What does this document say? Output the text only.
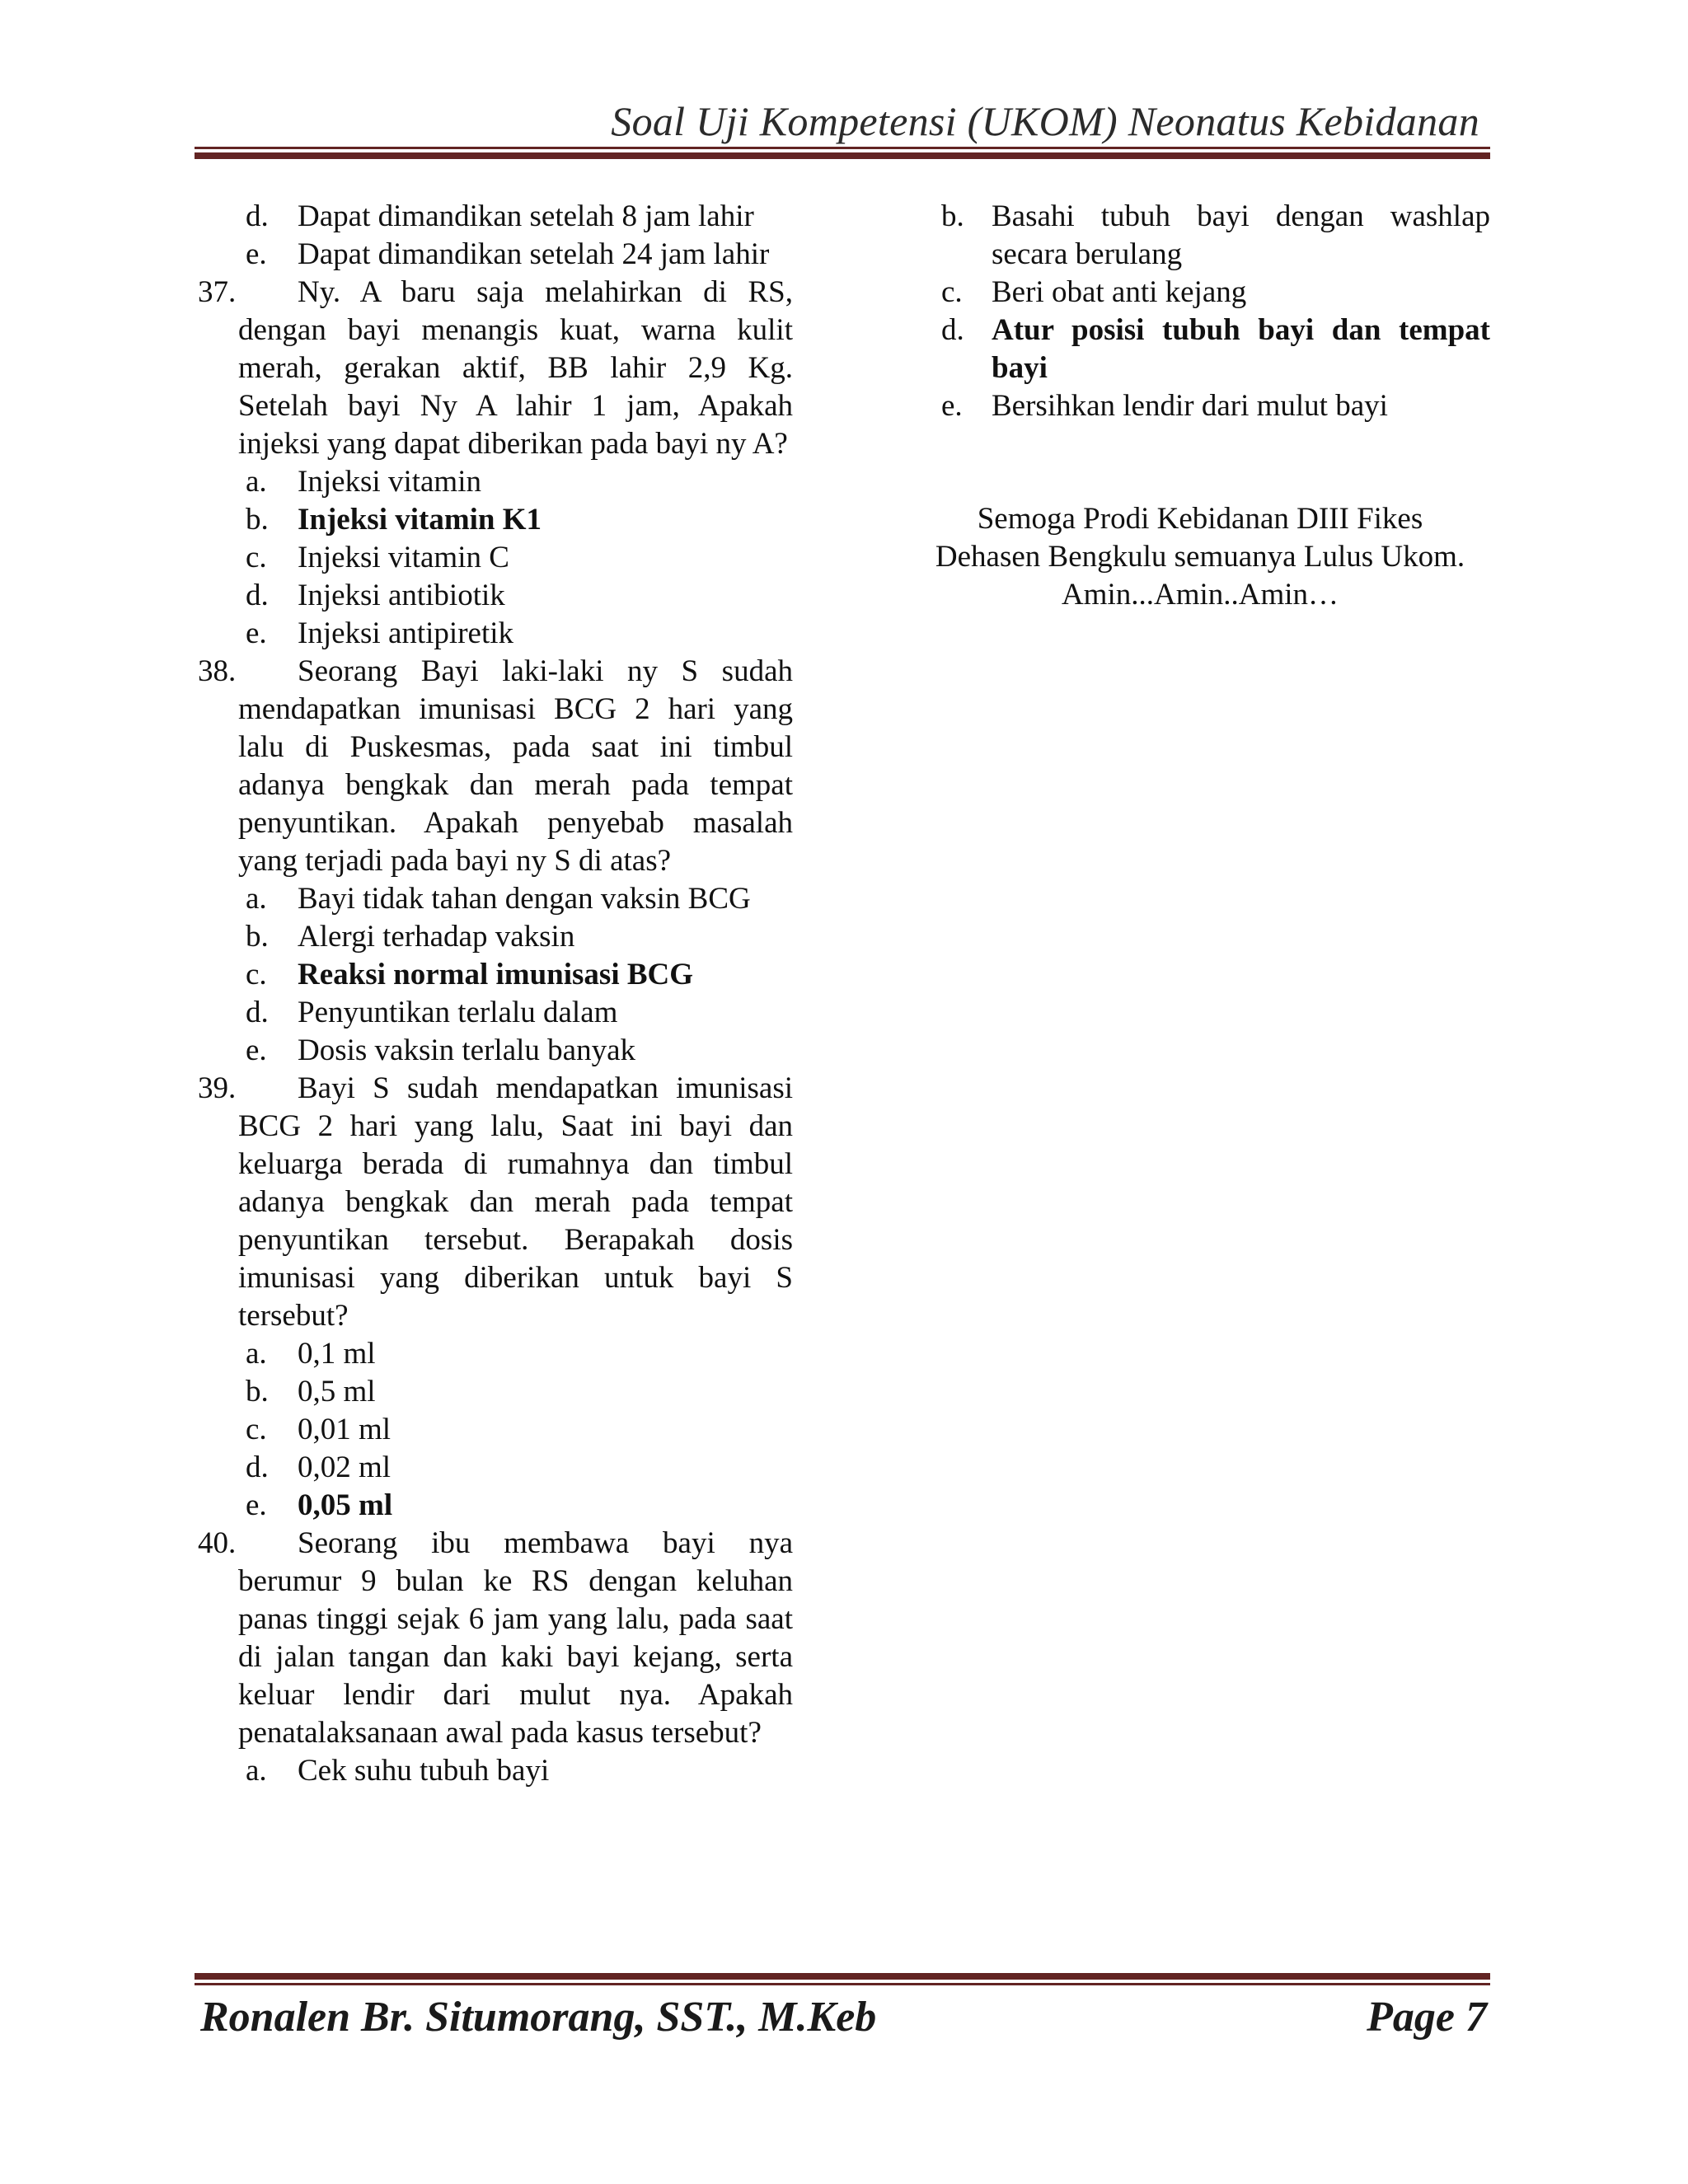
Soal Uji Kompetensi (UKOM) Neonatus Kebidanan
d. Dapat dimandikan setelah 8 jam lahir
e. Dapat dimandikan setelah 24 jam lahir
37. Ny. A baru saja melahirkan di RS, dengan bayi menangis kuat, warna kulit merah, gerakan aktif, BB lahir 2,9 Kg. Setelah bayi Ny A lahir 1 jam, Apakah injeksi yang dapat diberikan pada bayi ny A?
a. Injeksi vitamin
b. Injeksi vitamin K1
c. Injeksi vitamin C
d. Injeksi antibiotik
e. Injeksi antipiretik
38. Seorang Bayi laki-laki ny S sudah mendapatkan imunisasi BCG 2 hari yang lalu di Puskesmas, pada saat ini timbul adanya bengkak dan merah pada tempat penyuntikan. Apakah penyebab masalah yang terjadi pada bayi ny S di atas?
a. Bayi tidak tahan dengan vaksin BCG
b. Alergi terhadap vaksin
c. Reaksi normal imunisasi BCG
d. Penyuntikan terlalu dalam
e. Dosis vaksin terlalu banyak
39. Bayi S sudah mendapatkan imunisasi BCG 2 hari yang lalu, Saat ini bayi dan keluarga berada di rumahnya dan timbul adanya bengkak dan merah pada tempat penyuntikan tersebut. Berapakah dosis imunisasi yang diberikan untuk bayi S tersebut?
a. 0,1 ml
b. 0,5 ml
c. 0,01 ml
d. 0,02 ml
e. 0,05 ml
40. Seorang ibu membawa bayi nya berumur 9 bulan ke RS dengan keluhan panas tinggi sejak 6 jam yang lalu, pada saat di jalan tangan dan kaki bayi kejang, serta keluar lendir dari mulut nya. Apakah penatalaksanaan awal pada kasus tersebut?
a. Cek suhu tubuh bayi
b. Basahi tubuh bayi dengan washlap secara berulang
c. Beri obat anti kejang
d. Atur posisi tubuh bayi dan tempat bayi
e. Bersihkan lendir dari mulut bayi
Semoga Prodi Kebidanan DIII Fikes
Dehasen Bengkulu semuanya Lulus Ukom.
Amin...Amin..Amin…
Ronalen Br. Situmorang, SST., M.Keb	Page 7
